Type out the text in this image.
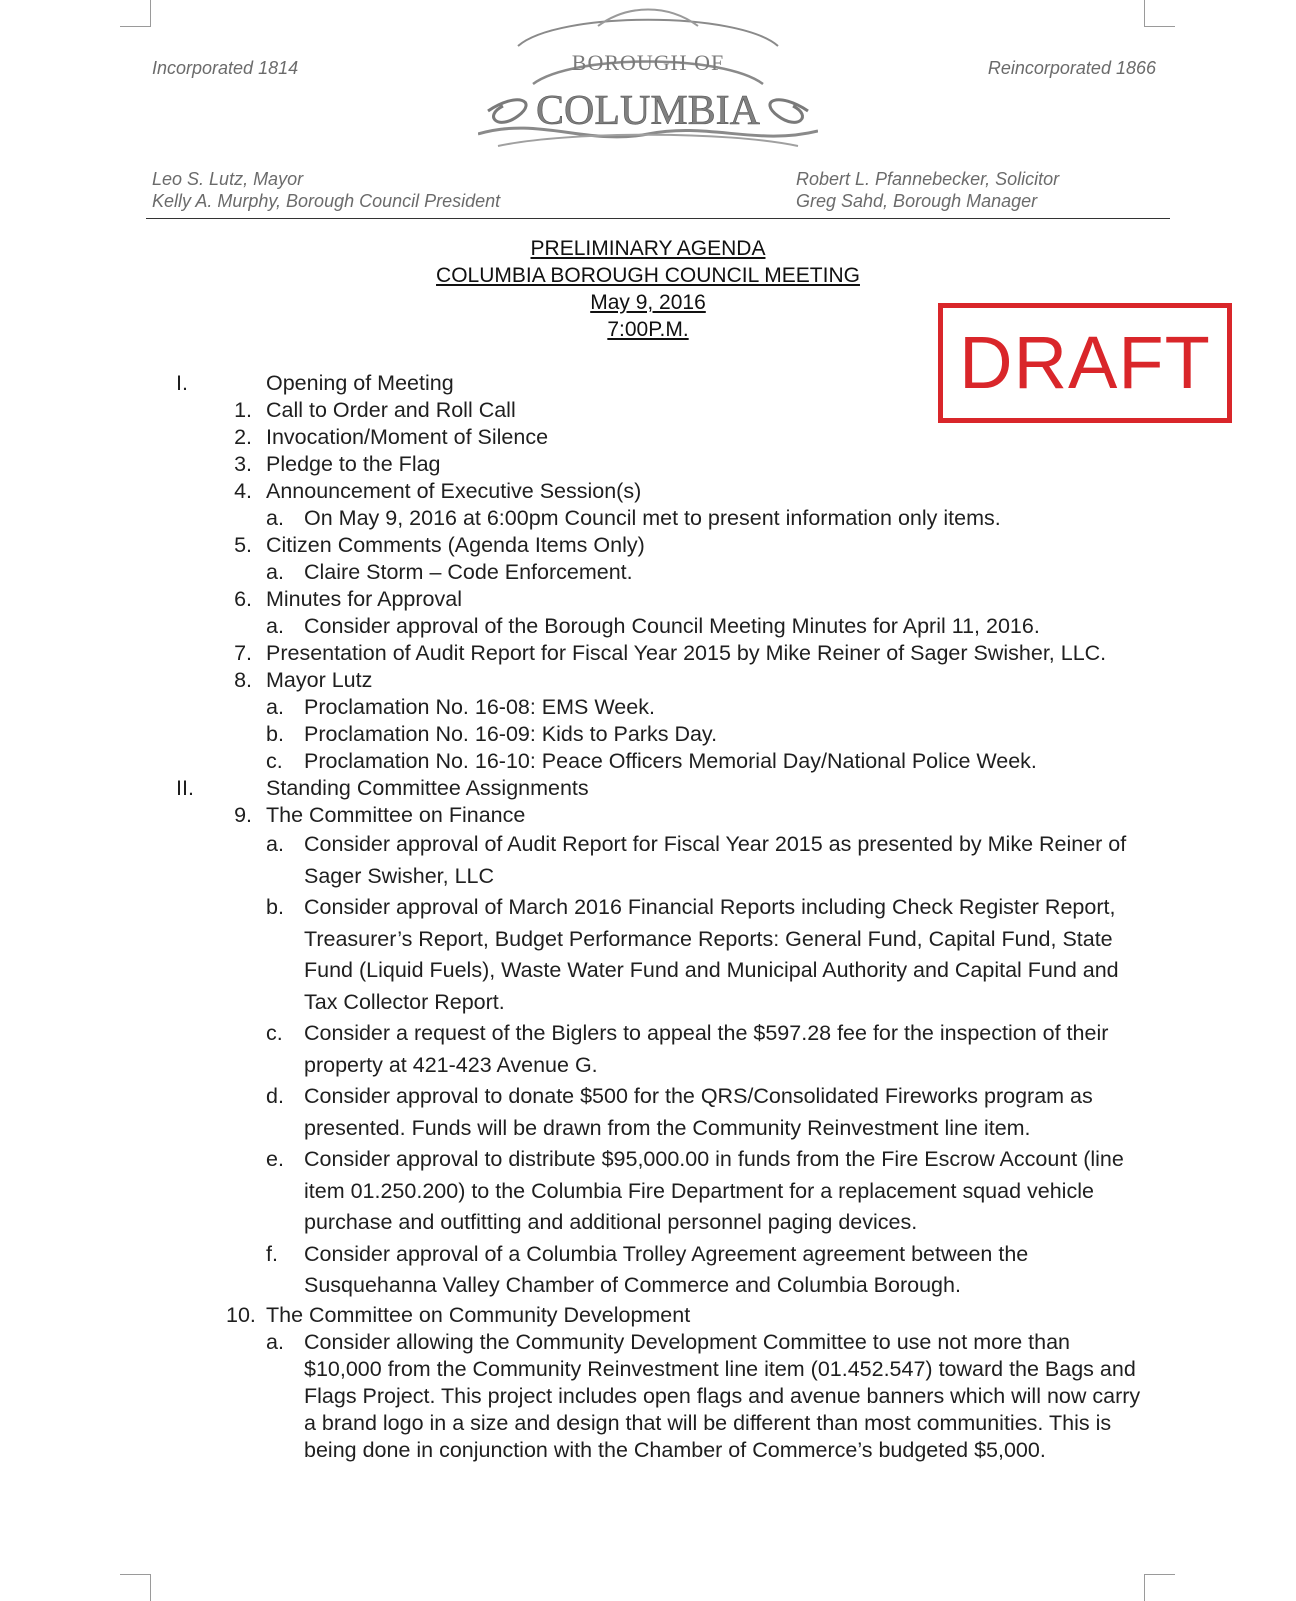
Incorporated 1814	Reincorporated 1866
BOROUGH OF
COLUMBIA
Leo S. Lutz, Mayor
Kelly A. Murphy, Borough Council President
Robert L. Pfannebecker, Solicitor
Greg Sahd, Borough Manager
PRELIMINARY AGENDA
COLUMBIA BOROUGH COUNCIL MEETING
May 9, 2016
7:00P.M.	DRAFT
I.	Opening of Meeting
1. Call to Order and Roll Call
2. Invocation/Moment of Silence
3. Pledge to the Flag
4. Announcement of Executive Session(s)
a. On May 9, 2016 at 6:00pm Council met to present information only items.
5. Citizen Comments (Agenda Items Only)
a. Claire Storm – Code Enforcement.
6. Minutes for Approval
a. Consider approval of the Borough Council Meeting Minutes for April 11, 2016.
7. Presentation of Audit Report for Fiscal Year 2015 by Mike Reiner of Sager Swisher, LLC.
8. Mayor Lutz
a. Proclamation No. 16-08: EMS Week.
b. Proclamation No. 16-09: Kids to Parks Day.
c. Proclamation No. 16-10: Peace Officers Memorial Day/National Police Week.
II.	Standing Committee Assignments
9. The Committee on Finance
a. Consider approval of Audit Report for Fiscal Year 2015 as presented by Mike Reiner of Sager Swisher, LLC
b. Consider approval of March 2016 Financial Reports including Check Register Report, Treasurer’s Report, Budget Performance Reports: General Fund, Capital Fund, State Fund (Liquid Fuels), Waste Water Fund and Municipal Authority and Capital Fund and Tax Collector Report.
c. Consider a request of the Biglers to appeal the $597.28 fee for the inspection of their property at 421-423 Avenue G.
d. Consider approval to donate $500 for the QRS/Consolidated Fireworks program as presented. Funds will be drawn from the Community Reinvestment line item.
e. Consider approval to distribute $95,000.00 in funds from the Fire Escrow Account (line item 01.250.200) to the Columbia Fire Department for a replacement squad vehicle purchase and outfitting and additional personnel paging devices.
f. Consider approval of a Columbia Trolley Agreement agreement between the Susquehanna Valley Chamber of Commerce and Columbia Borough.
10. The Committee on Community Development
a. Consider allowing the Community Development Committee to use not more than $10,000 from the Community Reinvestment line item (01.452.547) toward the Bags and Flags Project. This project includes open flags and avenue banners which will now carry a brand logo in a size and design that will be different than most communities. This is being done in conjunction with the Chamber of Commerce’s budgeted $5,000.
